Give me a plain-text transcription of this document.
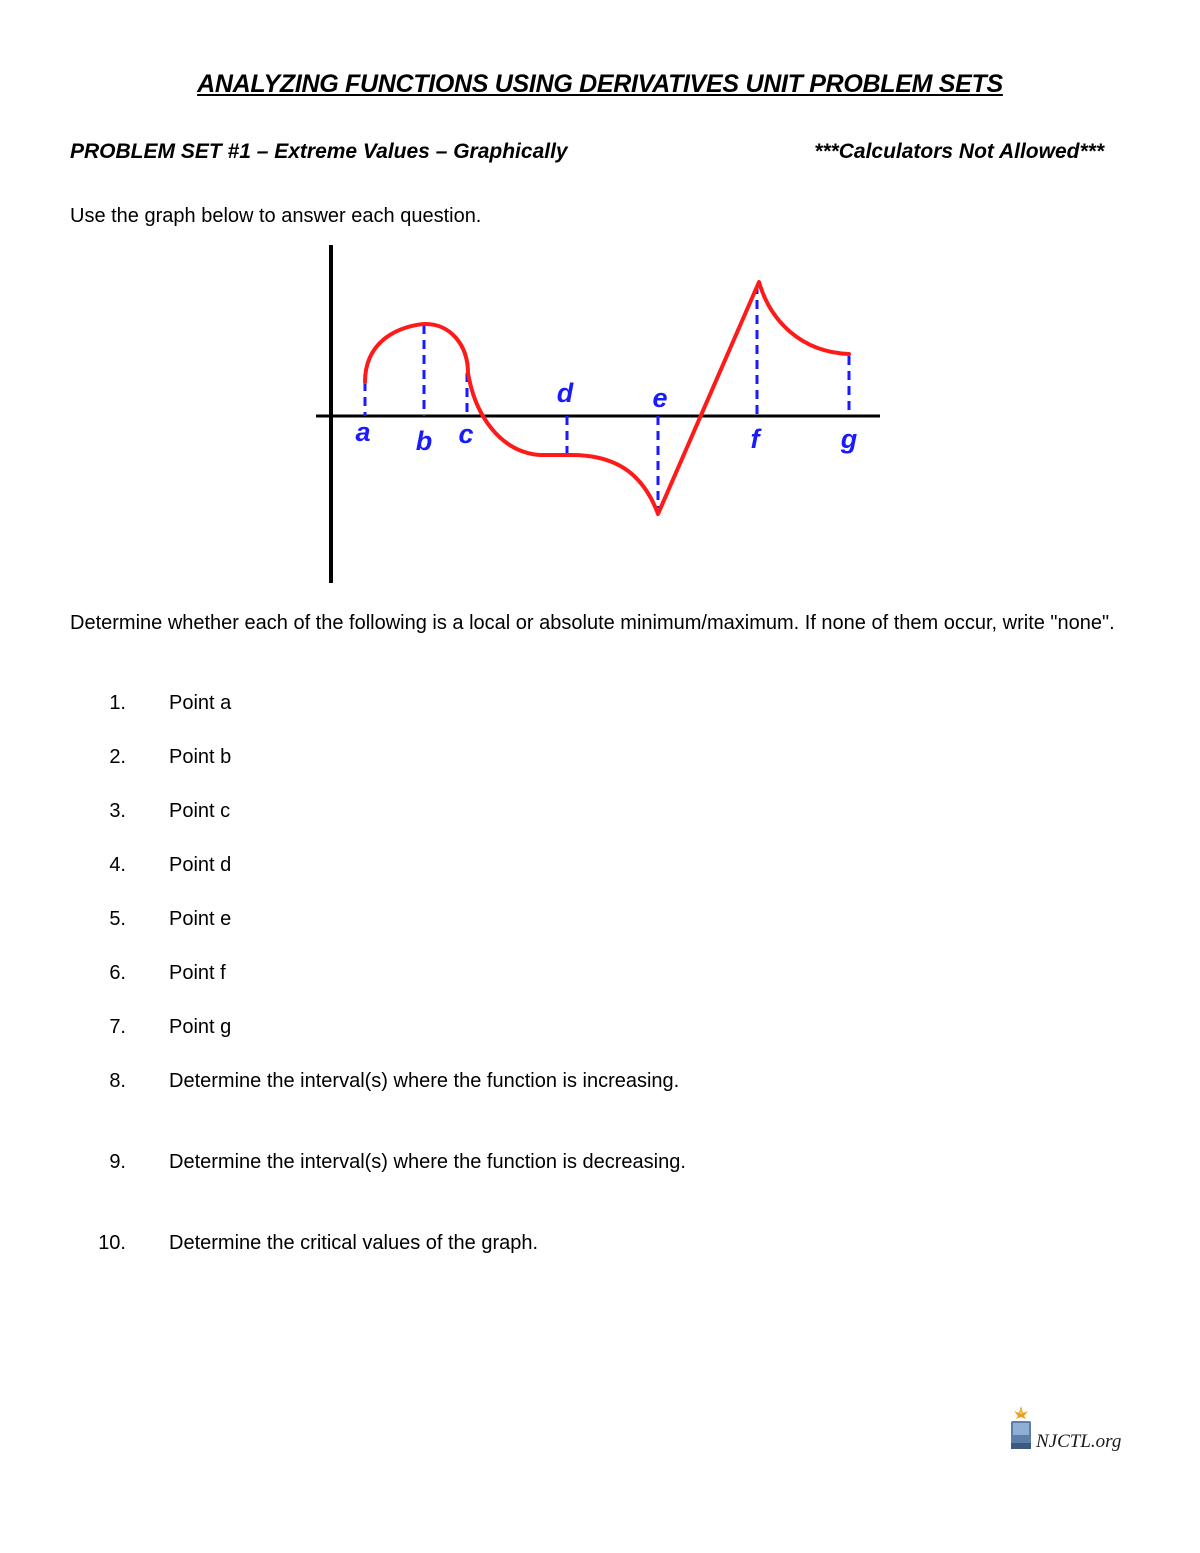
ANALYZING FUNCTIONS USING DERIVATIVES UNIT PROBLEM SETS
PROBLEM SET #1 – Extreme Values – Graphically	***Calculators Not Allowed***
Use the graph below to answer each question.
a b c
d	e
f	g
Determine whether each of the following is a local or absolute minimum/maximum. If none of them occur, write "none".
1. Point a
2. Point b
3. Point c
4. Point d
5. Point e
6. Point f
7. Point g
8. Determine the interval(s) where the function is increasing.
9. Determine the interval(s) where the function is decreasing.
10. Determine the critical values of the graph.
NJCTL.org
